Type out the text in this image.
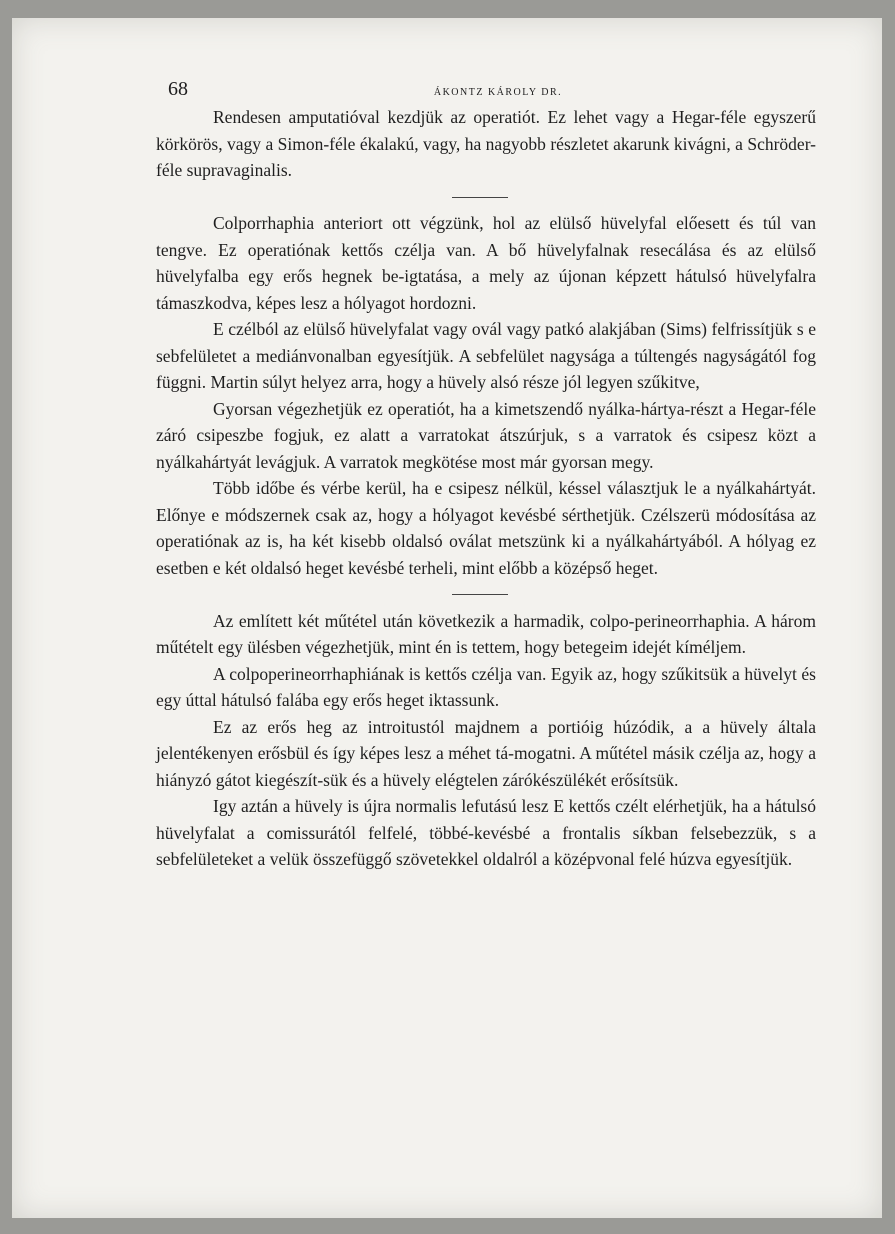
68	ÁKONTZ KÁROLY DR.

Rendesen amputatióval kezdjük az operatiót. Ez lehet vagy a Hegar-féle egyszerű körkörös, vagy a Simon-féle ékalakú, vagy, ha nagyobb részletet akarunk kivágni, a Schröder-féle supravaginalis.

Colporrhaphia anteriort ott végzünk, hol az elülső hüvelyfal előesett és túl van tengve. Ez operatiónak kettős czélja van. A bő hüvelyfalnak resecálása és az elülső hüvelyfalba egy erős hegnek be-igtatása, a mely az újonan képzett hátulsó hüvelyfalra támaszkodva, képes lesz a hólyagot hordozni.

E czélból az elülső hüvelyfalat vagy ovál vagy patkó alakjában (Sims) felfrissítjük s e sebfelületet a mediánvonalban egyesítjük. A sebfelület nagysága a túltengés nagyságától fog függni. Martin súlyt helyez arra, hogy a hüvely alsó része jól legyen szűkitve,

Gyorsan végezhetjük ez operatiót, ha a kimetszendő nyálka-hártya-részt a Hegar-féle záró csipeszbe fogjuk, ez alatt a varratokat átszúrjuk, s a varratok és csipesz közt a nyálkahártyát levágjuk. A varratok megkötése most már gyorsan megy.

Több időbe és vérbe kerül, ha e csipesz nélkül, késsel választjuk le a nyálkahártyát. Előnye e módszernek csak az, hogy a hólyagot kevésbé sérthetjük. Czélszerü módosítása az operatiónak az is, ha két kisebb oldalsó oválat metszünk ki a nyálkahártyából. A hólyag ez esetben e két oldalsó heget kevésbé terheli, mint előbb a középső heget.

Az említett két műtétel után következik a harmadik, colpo-perineorrhaphia. A három műtételt egy ülésben végezhetjük, mint én is tettem, hogy betegeim idejét kíméljem.

A colpoperineorrhaphiának is kettős czélja van. Egyik az, hogy szűkitsük a hüvelyt és egy úttal hátulsó falába egy erős heget iktassunk.

Ez az erős heg az introitustól majdnem a portióig húzódik, a a hüvely általa jelentékenyen erősbül és így képes lesz a méhet tá-mogatni. A műtétel másik czélja az, hogy a hiányzó gátot kiegészít-sük és a hüvely elégtelen zárókészülékét erősítsük.

Igy aztán a hüvely is újra normalis lefutású lesz E kettős czélt elérhetjük, ha a hátulsó hüvelyfalat a comissurától felfelé, többé-kevésbé a frontalis síkban felsebezzük, s a sebfelületeket a velük összefüggő szövetekkel oldalról a középvonal felé húzva egyesítjük.
